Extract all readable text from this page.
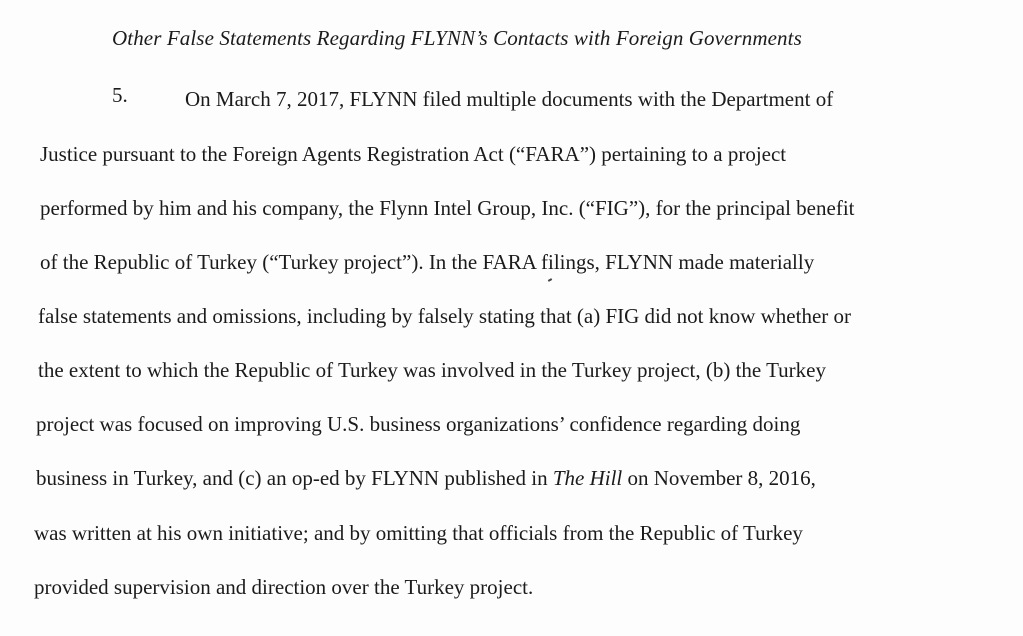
Other False Statements Regarding FLYNN’s Contacts with Foreign Governments
5.	On March 7, 2017, FLYNN filed multiple documents with the Department of
Justice pursuant to the Foreign Agents Registration Act (“FARA”) pertaining to a project
performed by him and his company, the Flynn Intel Group, Inc. (“FIG”), for the principal benefit
of the Republic of Turkey (“Turkey project”). In the FARA filings, FLYNN made materially
false statements and omissions, including by falsely stating that (a) FIG did not know whether or
the extent to which the Republic of Turkey was involved in the Turkey project, (b) the Turkey
project was focused on improving U.S. business organizations’ confidence regarding doing
business in Turkey, and (c) an op-ed by FLYNN published in The Hill on November 8, 2016,
was written at his own initiative; and by omitting that officials from the Republic of Turkey
provided supervision and direction over the Turkey project.
